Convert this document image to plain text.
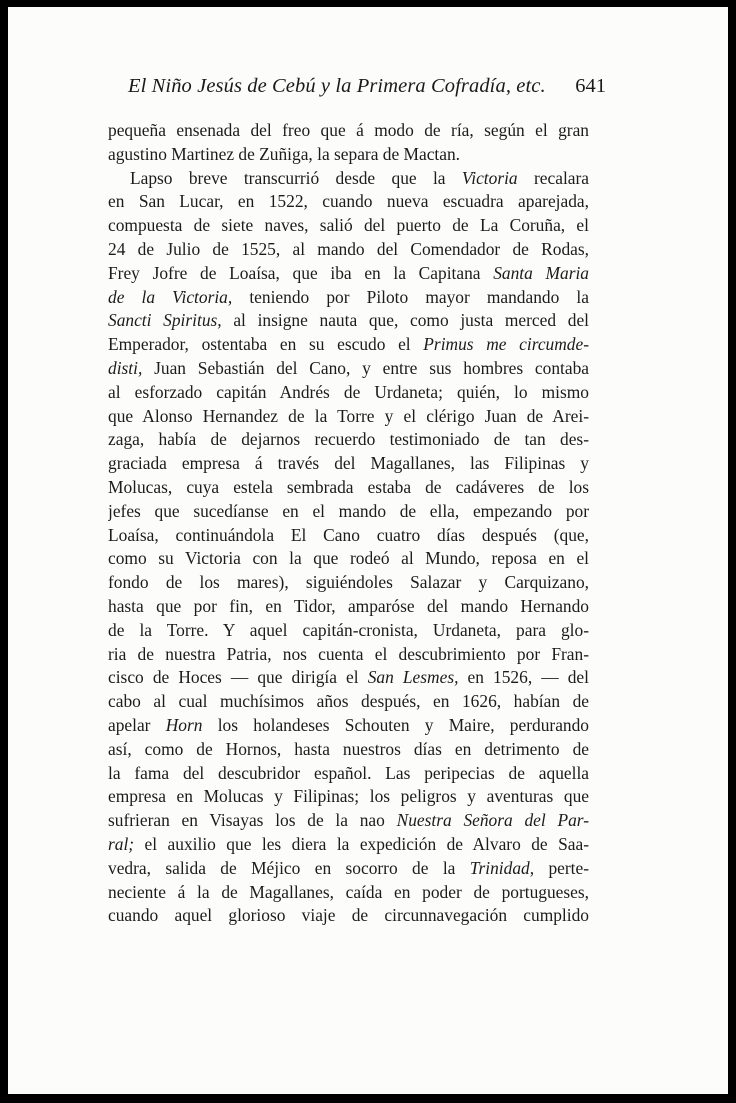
El Niño Jesús de Cebú y la Primera Cofradía, etc. 641
pequeña ensenada del freo que á modo de ría, según el gran
agustino Martinez de Zuñiga, la separa de Mactan.
Lapso breve transcurrió desde que la Victoria recalara
en San Lucar, en 1522, cuando nueva escuadra aparejada,
compuesta de siete naves, salió del puerto de La Coruña, el
24 de Julio de 1525, al mando del Comendador de Rodas,
Frey Jofre de Loaísa, que iba en la Capitana Santa Maria
de la Victoria, teniendo por Piloto mayor mandando la
Sancti Spiritus, al insigne nauta que, como justa merced del
Emperador, ostentaba en su escudo el Primus me circumde-
disti, Juan Sebastián del Cano, y entre sus hombres contaba
al esforzado capitán Andrés de Urdaneta; quién, lo mismo
que Alonso Hernandez de la Torre y el clérigo Juan de Arei-
zaga, había de dejarnos recuerdo testimoniado de tan des-
graciada empresa á través del Magallanes, las Filipinas y
Molucas, cuya estela sembrada estaba de cadáveres de los
jefes que sucedíanse en el mando de ella, empezando por
Loaísa, continuándola El Cano cuatro días después (que,
como su Victoria con la que rodeó al Mundo, reposa en el
fondo de los mares), siguiéndoles Salazar y Carquizano,
hasta que por fin, en Tidor, amparóse del mando Hernando
de la Torre. Y aquel capitán-cronista, Urdaneta, para glo-
ria de nuestra Patria, nos cuenta el descubrimiento por Fran-
cisco de Hoces — que dirigía el San Lesmes, en 1526, — del
cabo al cual muchísimos años después, en 1626, habían de
apelar Horn los holandeses Schouten y Maire, perdurando
así, como de Hornos, hasta nuestros días en detrimento de
la fama del descubridor español. Las peripecias de aquella
empresa en Molucas y Filipinas; los peligros y aventuras que
sufrieran en Visayas los de la nao Nuestra Señora del Par-
ral; el auxilio que les diera la expedición de Alvaro de Saa-
vedra, salida de Méjico en socorro de la Trinidad, perte-
neciente á la de Magallanes, caída en poder de portugueses,
cuando aquel glorioso viaje de circunnavegación cumplido
